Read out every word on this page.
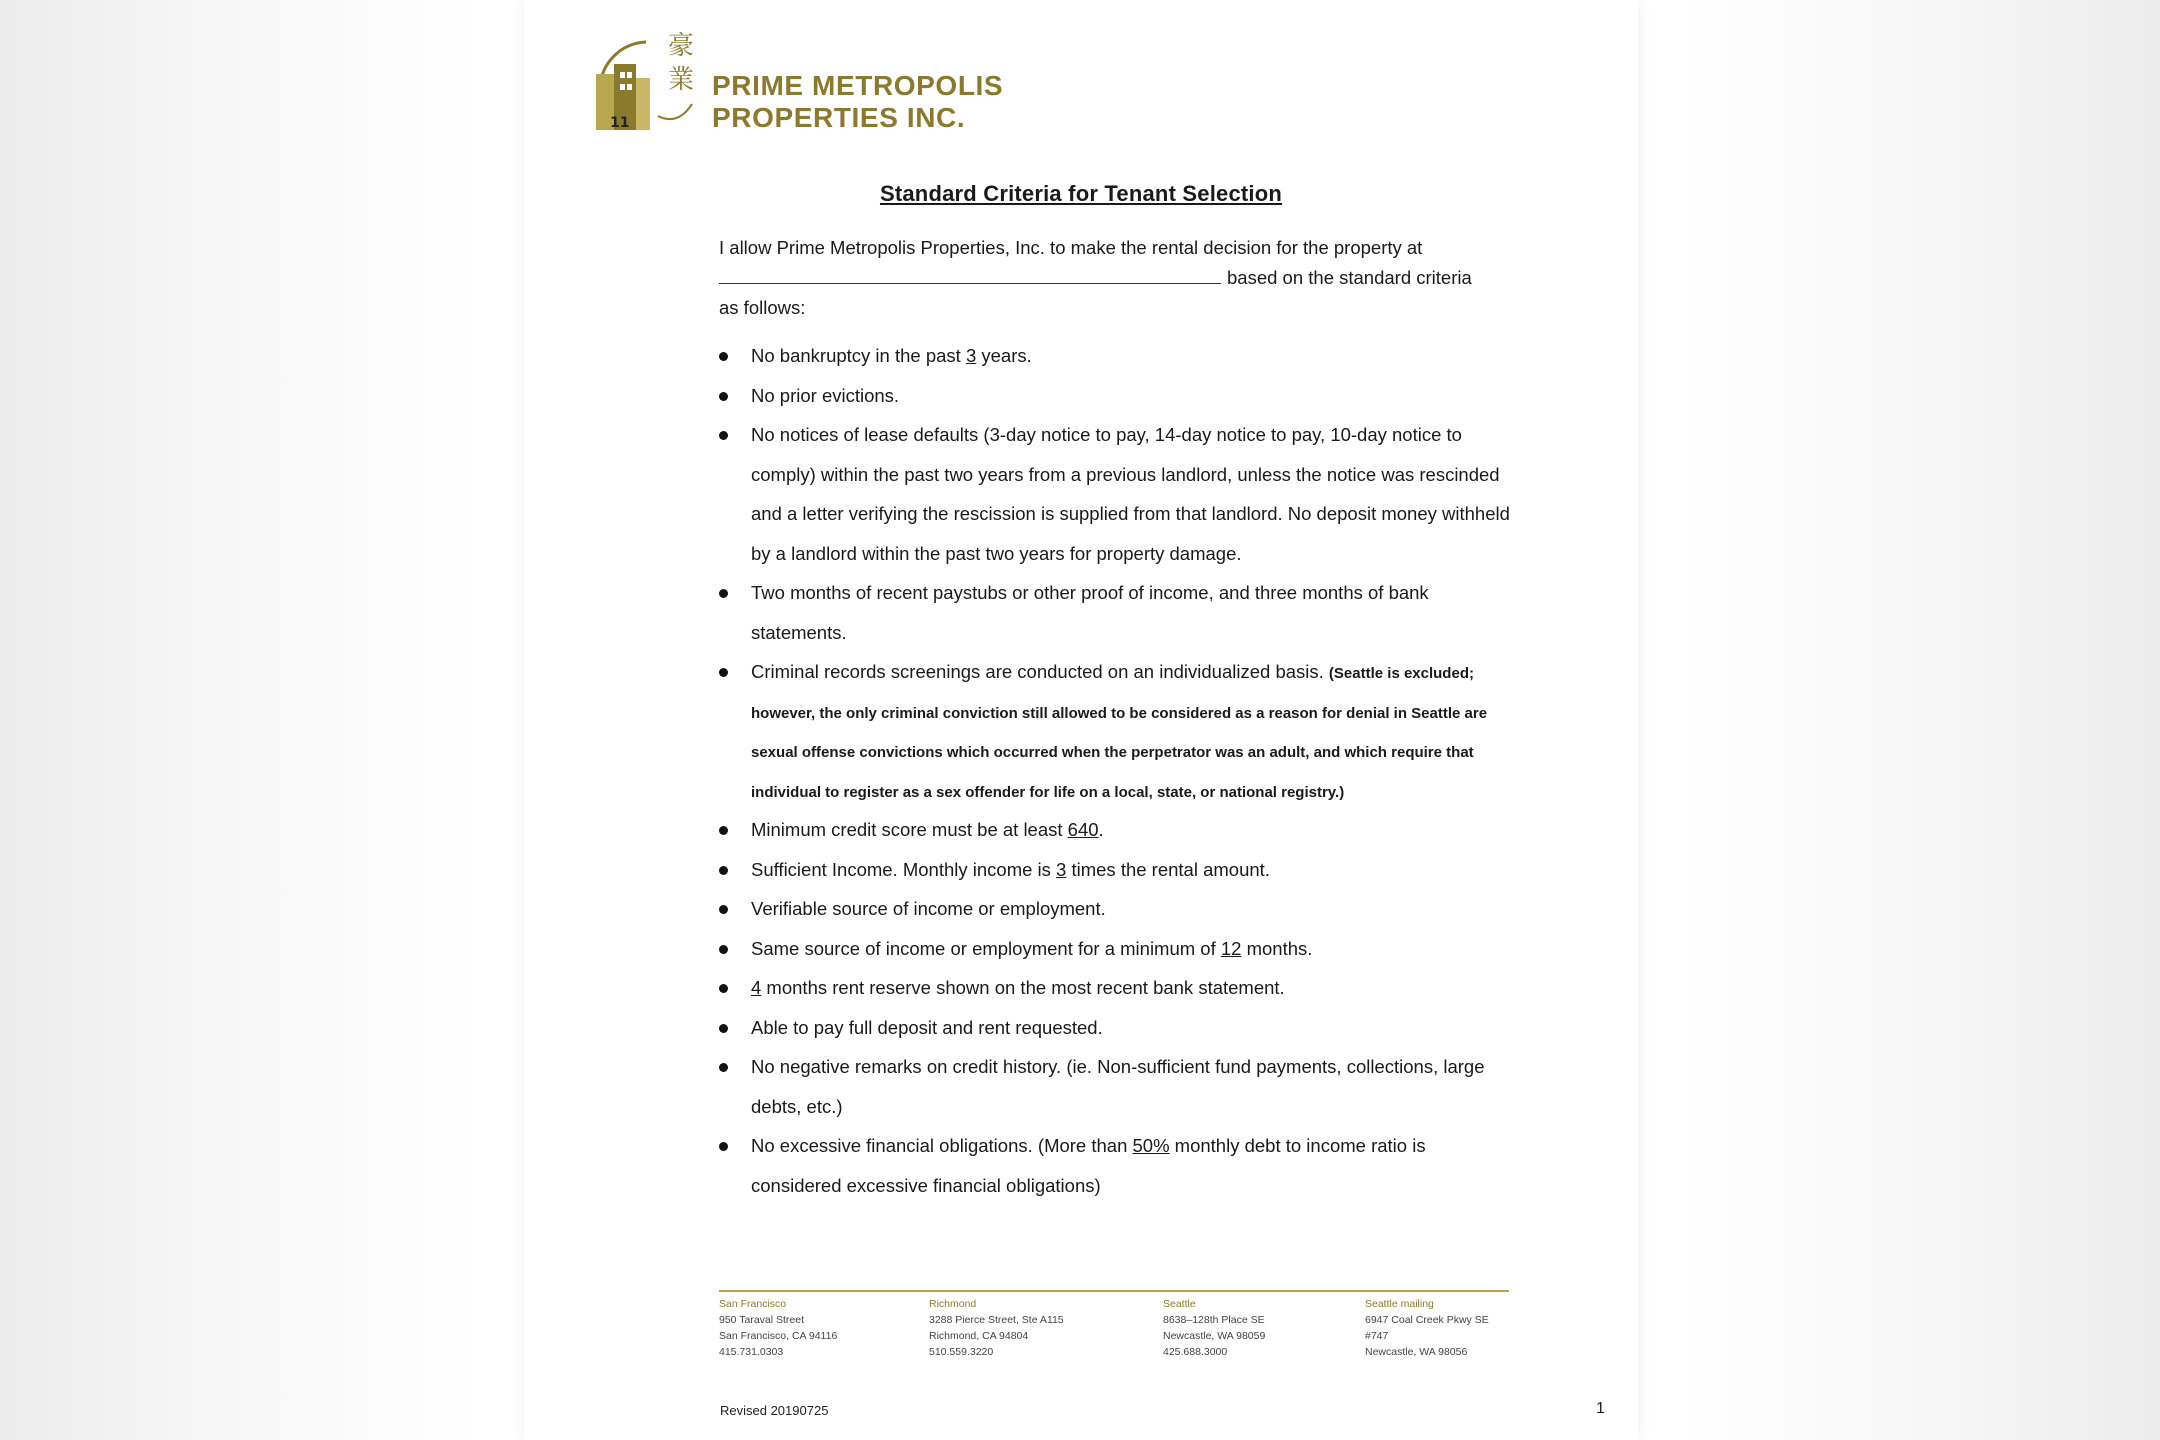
11
豪
業 PRIME METROPOLIS
PROPERTIES INC.
Standard Criteria for Tenant Selection
I allow Prime Metropolis Properties, Inc. to make the rental decision for the property at
based on the standard criteria
as follows:
No bankruptcy in the past 3 years.
No prior evictions.
No notices of lease defaults (3-day notice to pay, 14-day notice to pay, 10-day notice to comply) within the past two years from a previous landlord, unless the notice was rescinded and a letter verifying the rescission is supplied from that landlord. No deposit money withheld by a landlord within the past two years for property damage.
Two months of recent paystubs or other proof of income, and three months of bank statements.
Criminal records screenings are conducted on an individualized basis. (Seattle is excluded; however, the only criminal conviction still allowed to be considered as a reason for denial in Seattle are sexual offense convictions which occurred when the perpetrator was an adult, and which require that individual to register as a sex offender for life on a local, state, or national registry.)
Minimum credit score must be at least 640.
Sufficient Income. Monthly income is 3 times the rental amount.
Verifiable source of income or employment.
Same source of income or employment for a minimum of 12 months.
4 months rent reserve shown on the most recent bank statement.
Able to pay full deposit and rent requested.
No negative remarks on credit history. (ie. Non-sufficient fund payments, collections, large debts, etc.)
No excessive financial obligations. (More than 50% monthly debt to income ratio is considered excessive financial obligations)
San Francisco
950 Taraval Street
San Francisco, CA 94116
415.731.0303
Richmond
3288 Pierce Street, Ste A115
Richmond, CA 94804
510.559.3220
Seattle
8638–128th Place SE
Newcastle, WA 98059
425.688.3000
Seattle mailing
6947 Coal Creek Pkwy SE
#747
Newcastle, WA 98056
Revised 20190725	1
